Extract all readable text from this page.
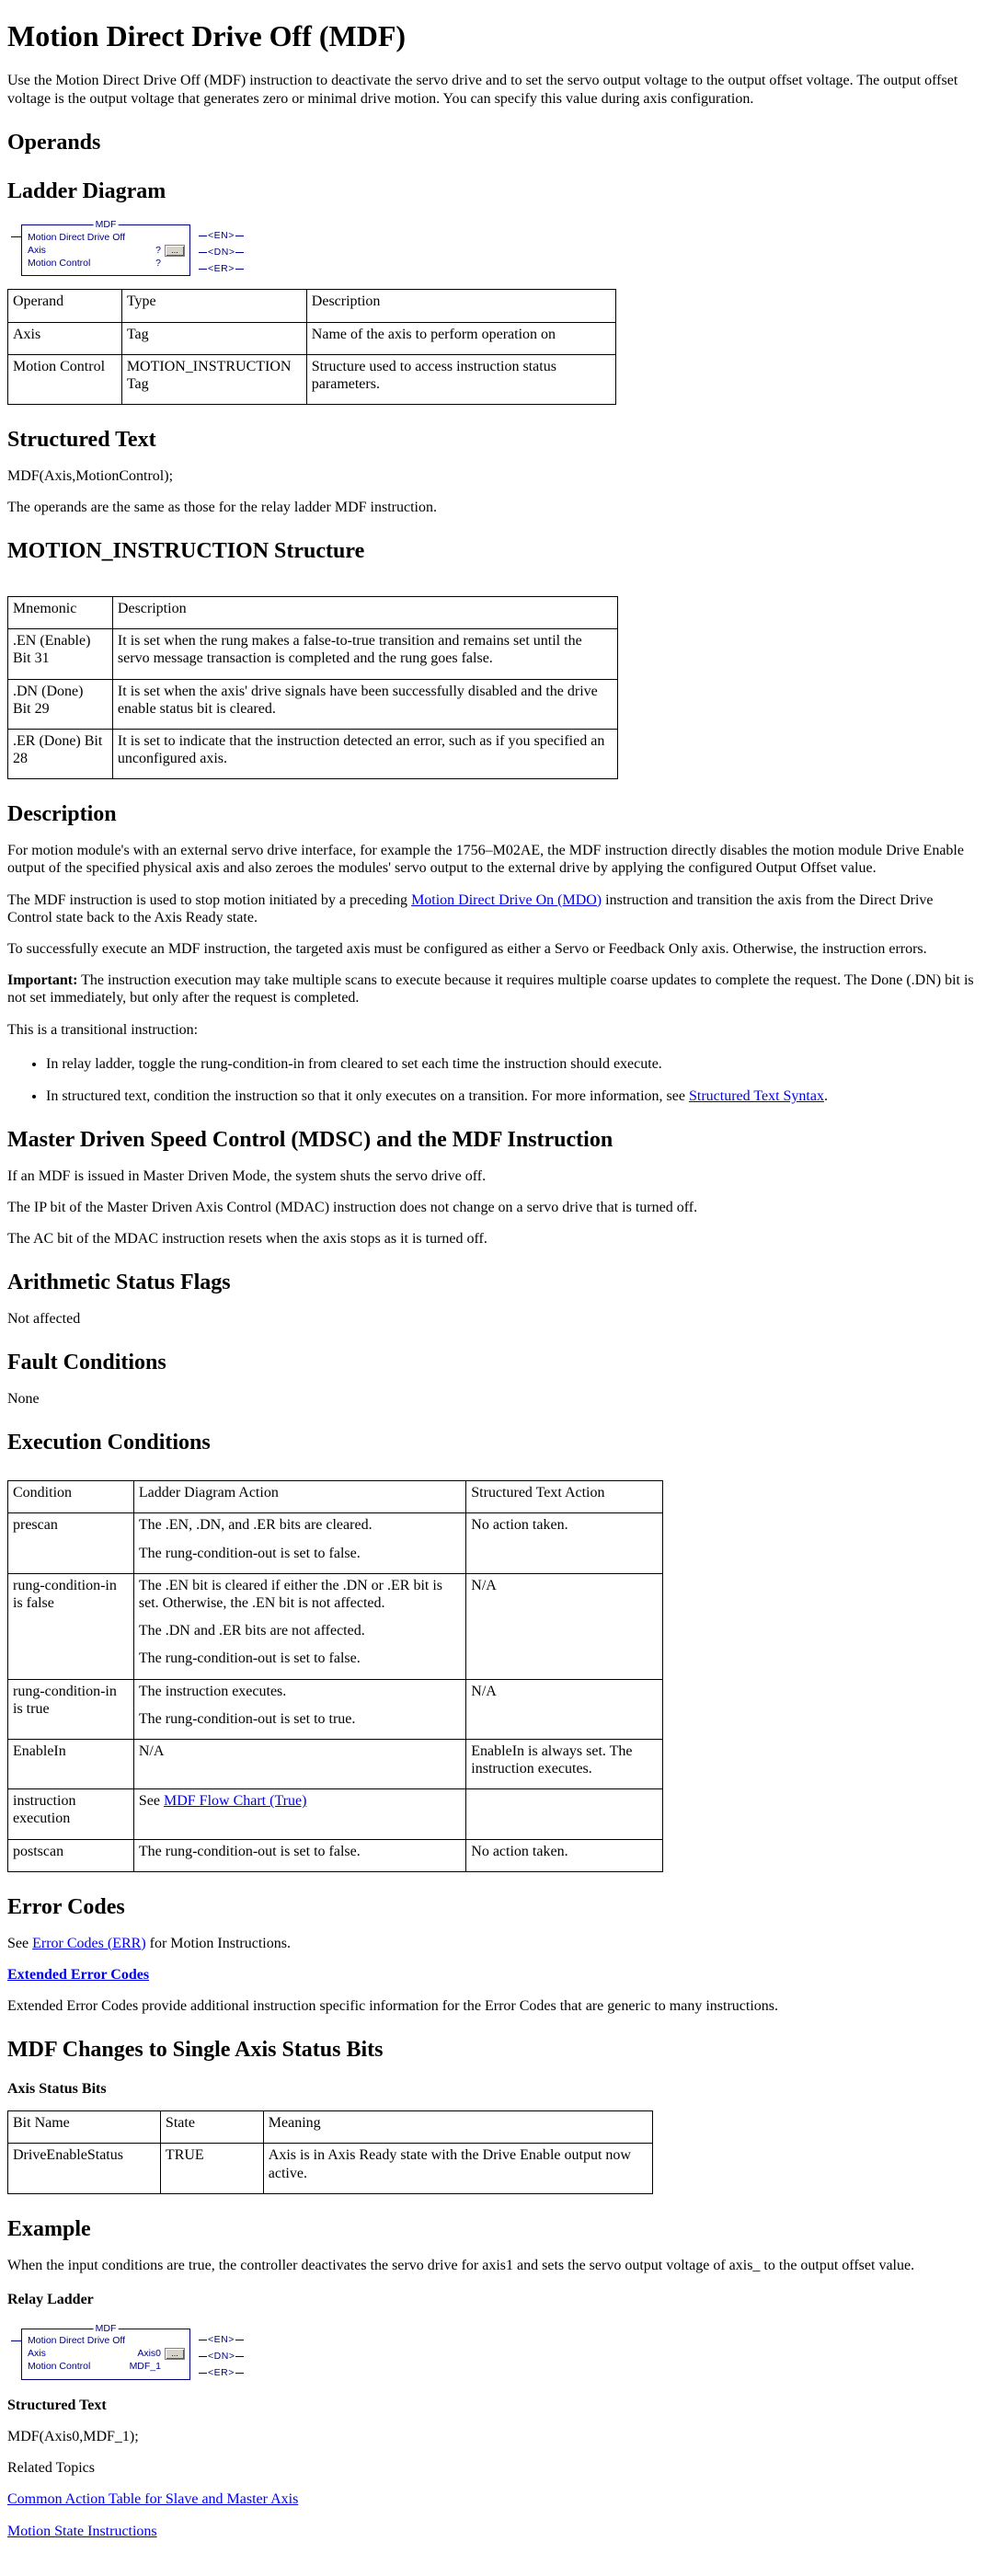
Motion Direct Drive Off (MDF)

Use the Motion Direct Drive Off (MDF) instruction to deactivate the servo drive and to set the servo output voltage to the output offset voltage. The output offset voltage is the output voltage that generates zero or minimal drive motion. You can specify this value during axis configuration.

Operands
Ladder Diagram
MDF
Motion Direct Drive Off
Axis	?	...
Motion Control	?
< EN >
< DN >
< ER >
Operand	Type	Description
Axis	Tag	Name of the axis to perform operation on
Motion Control	MOTION_INSTRUCTION Tag	Structure used to access instruction status parameters.
Structured Text

MDF(Axis,MotionControl);

The operands are the same as those for the relay ladder MDF instruction.

MOTION_INSTRUCTION Structure
Mnemonic	Description
.EN (Enable) Bit 31	It is set when the rung makes a false-to-true transition and remains set until the servo message transaction is completed and the rung goes false.
.DN (Done) Bit 29	It is set when the axis' drive signals have been successfully disabled and the drive enable status bit is cleared.
.ER (Done) Bit 28	It is set to indicate that the instruction detected an error, such as if you specified an unconfigured axis.
Description

For motion module's with an external servo drive interface, for example the 1756–M02AE, the MDF instruction directly disables the motion module Drive Enable output of the specified physical axis and also zeroes the modules' servo output to the external drive by applying the configured Output Offset value.

The MDF instruction is used to stop motion initiated by a preceding Motion Direct Drive On (MDO) instruction and transition the axis from the Direct Drive Control state back to the Axis Ready state.

To successfully execute an MDF instruction, the targeted axis must be configured as either a Servo or Feedback Only axis. Otherwise, the instruction errors.

Important: The instruction execution may take multiple scans to execute because it requires multiple coarse updates to complete the request. The Done (.DN) bit is not set immediately, but only after the request is completed.

This is a transitional instruction:

• In relay ladder, toggle the rung-condition-in from cleared to set each time the instruction should execute.
• In structured text, condition the instruction so that it only executes on a transition. For more information, see Structured Text Syntax.
Master Driven Speed Control (MDSC) and the MDF Instruction

If an MDF is issued in Master Driven Mode, the system shuts the servo drive off.

The IP bit of the Master Driven Axis Control (MDAC) instruction does not change on a servo drive that is turned off.

The AC bit of the MDAC instruction resets when the axis stops as it is turned off.

Arithmetic Status Flags

Not affected

Fault Conditions

None

Execution Conditions
Condition	Ladder Diagram Action	Structured Text Action
prescan	The .EN, .DN, and .ER bits are cleared.

The rung-condition-out is set to false.	No action taken.
rung-condition-in is false	The .EN bit is cleared if either the .DN or .ER bit is set. Otherwise, the .EN bit is not affected.

The .DN and .ER bits are not affected.

The rung-condition-out is set to false.	N/A
rung-condition-in is true	The instruction executes.

The rung-condition-out is set to true.	N/A
EnableIn	N/A	EnableIn is always set. The instruction executes.
instruction execution	See MDF Flow Chart (True)	
postscan	The rung-condition-out is set to false.	No action taken.
Error Codes

See Error Codes (ERR) for Motion Instructions.

Extended Error Codes

Extended Error Codes provide additional instruction specific information for the Error Codes that are generic to many instructions.

MDF Changes to Single Axis Status Bits
Axis Status Bits
Bit Name	State	Meaning
DriveEnableStatus	TRUE	Axis is in Axis Ready state with the Drive Enable output now active.
Example

When the input conditions are true, the controller deactivates the servo drive for axis1 and sets the servo output voltage of axis_ to the output offset value.

Relay Ladder
MDF
Motion Direct Drive Off
Axis	Axis0	...
Motion Control	MDF_1
< EN >
< DN >
< ER >
Structured Text

MDF(Axis0,MDF_1);

Related Topics

Common Action Table for Slave and Master Axis

Motion State Instructions
